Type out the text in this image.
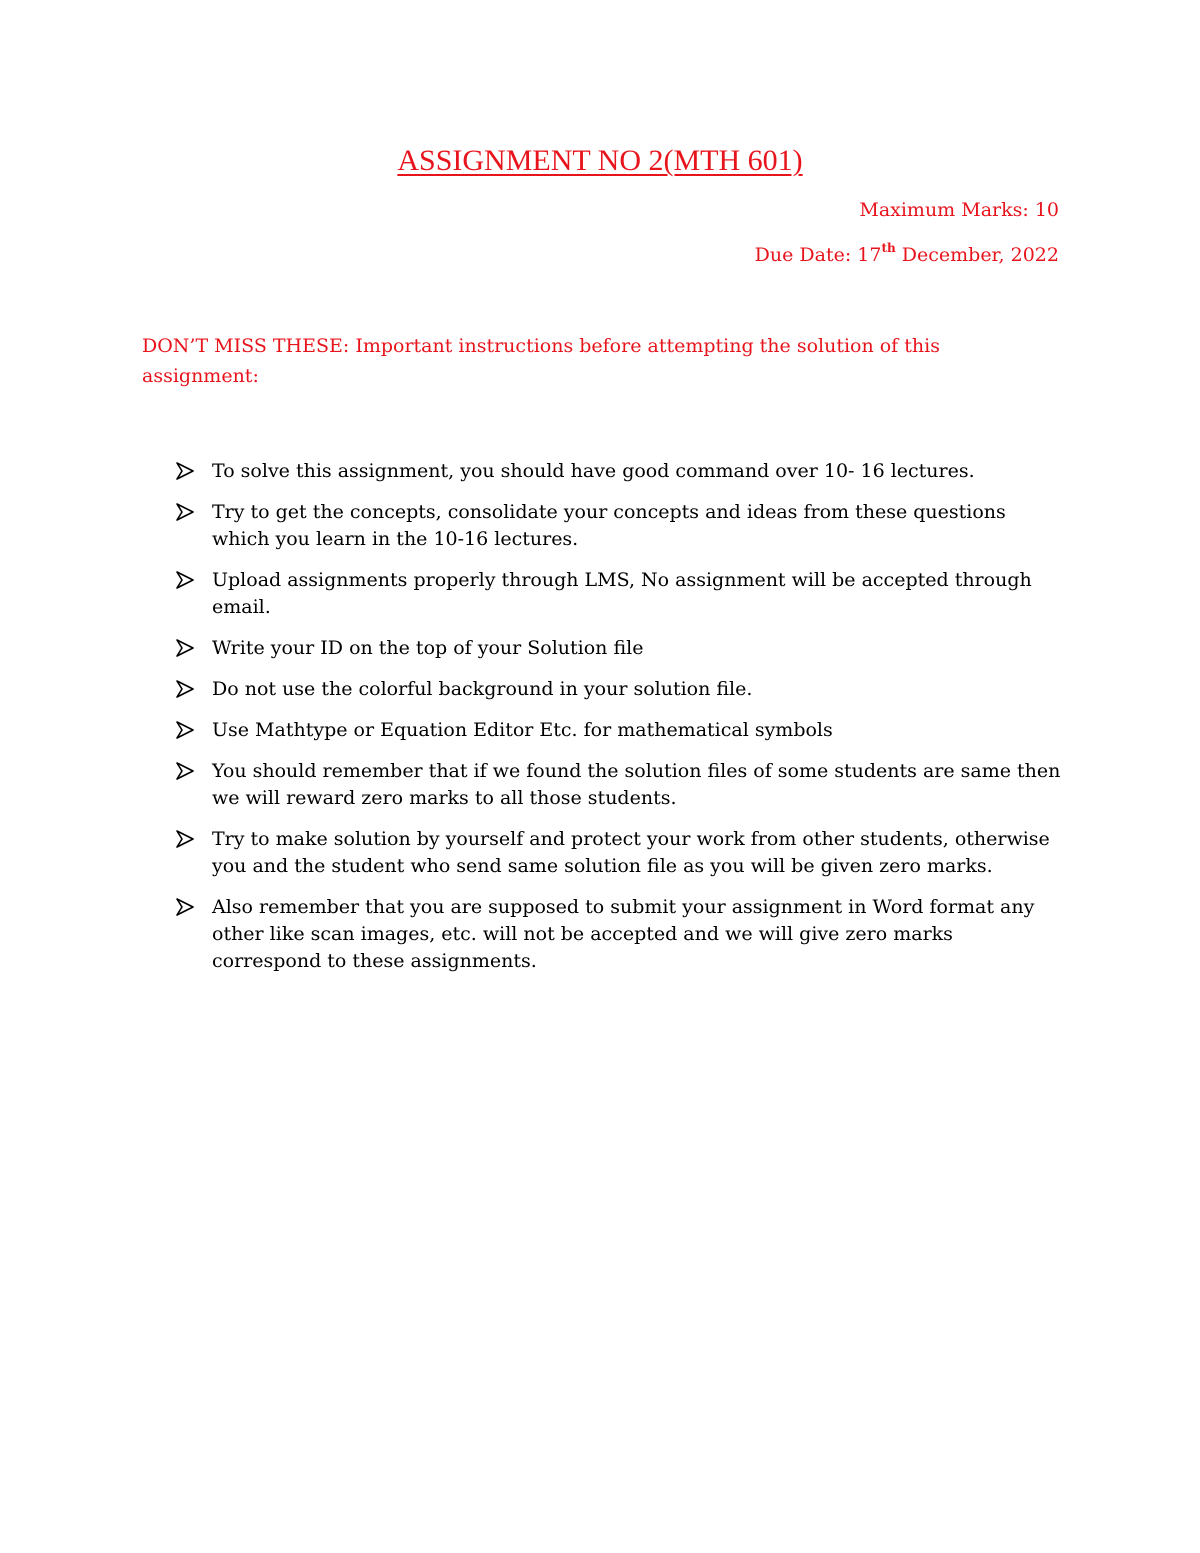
ASSIGNMENT NO 2(MTH 601)
Maximum Marks: 10
Due Date: 17th December, 2022
DON’T MISS THESE: Important instructions before attempting the solution of this assignment:
To solve this assignment, you should have good command over 10- 16 lectures.
Try to get the concepts, consolidate your concepts and ideas from these questions which you learn in the 10-16 lectures.
Upload assignments properly through LMS, No assignment will be accepted through email.
Write your ID on the top of your Solution file
Do not use the colorful background in your solution file.
Use Mathtype or Equation Editor Etc. for mathematical symbols
You should remember that if we found the solution files of some students are same then we will reward zero marks to all those students.
Try to make solution by yourself and protect your work from other students, otherwise you and the student who send same solution file as you will be given zero marks.
Also remember that you are supposed to submit your assignment in Word format any other like scan images, etc. will not be accepted and we will give zero marks correspond to these assignments.
